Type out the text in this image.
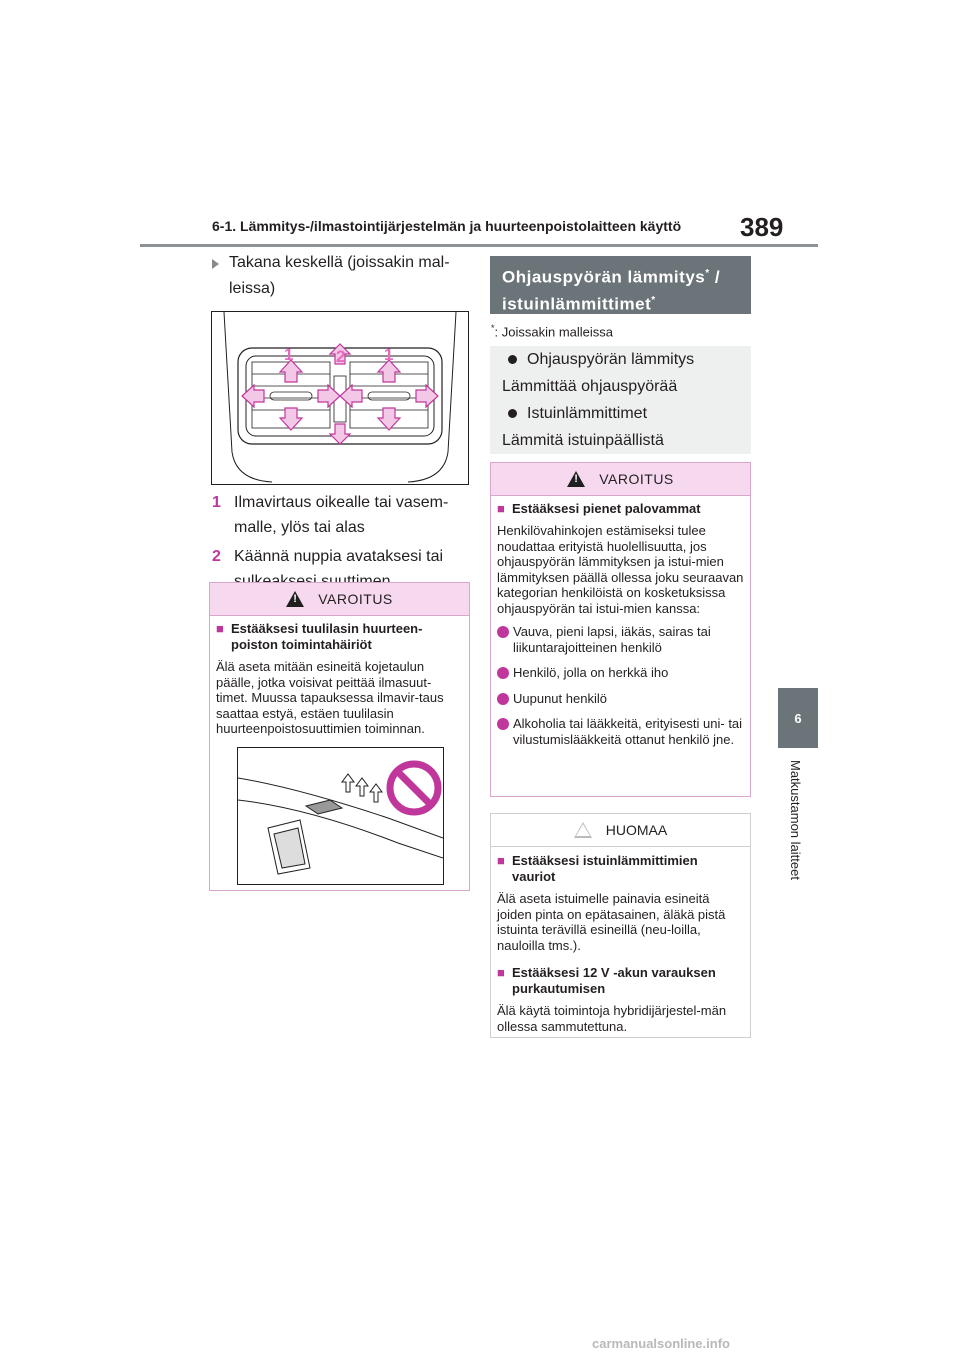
6-1. Lämmitys-/ilmastointijärjestelmän ja huurteenpoistolaitteen käyttö 389
6
Matkustamon laitteet
Takana keskellä (joissakin mal-leissa)
1	2 1
1 Ilmavirtaus oikealle tai vasem-malle, ylös tai alas
2 Käännä nuppia avataksesi tai
!
VAROITUS
■ Estääksesi tuulilasin huurteen-poiston toimintahäiriöt
Älä aseta mitään esineitä kojetaulun päälle, jotka voisivat peittää ilmasuut-timet. Muussa tapauksessa ilmavir-taus saattaa estyä, estäen tuulilasin huurteenpoistosuuttimien toiminnan.
Ohjauspyörän lämmitys* /
istuinlämmittimet*
*: Joissakin malleissa
Ohjauspyörän lämmitys
Lämmittää ohjauspyörää
Istuinlämmittimet
Lämmitä istuinpäällistä
!
VAROITUS
■ Estääksesi pienet palovammat
Henkilövahinkojen estämiseksi tulee noudattaa erityistä huolellisuutta, jos ohjauspyörän lämmityksen ja istui-mien lämmityksen päällä ollessa joku seuraavan kategorian henkilöistä on kosketuksissa ohjauspyörän tai istui-mien kanssa:
Vauva, pieni lapsi, iäkäs, sairas tai liikuntarajoitteinen henkilö
Henkilö, jolla on herkkä iho
Uupunut henkilö
Alkoholia tai lääkkeitä, erityisesti uni- tai vilustumislääkkeitä ottanut henkilö jne.
HUOMAA
■ Estääksesi istuinlämmittimien vauriot
Älä aseta istuimelle painavia esineitä joiden pinta on epätasainen, äläkä pistä istuinta terävillä esineillä (neu-loilla, nauloilla tms.).
■ Estääksesi 12 V -akun varauksen purkautumisen
Älä käytä toimintoja hybridijärjestel-män ollessa sammutettuna.
carmanualsonline.info
